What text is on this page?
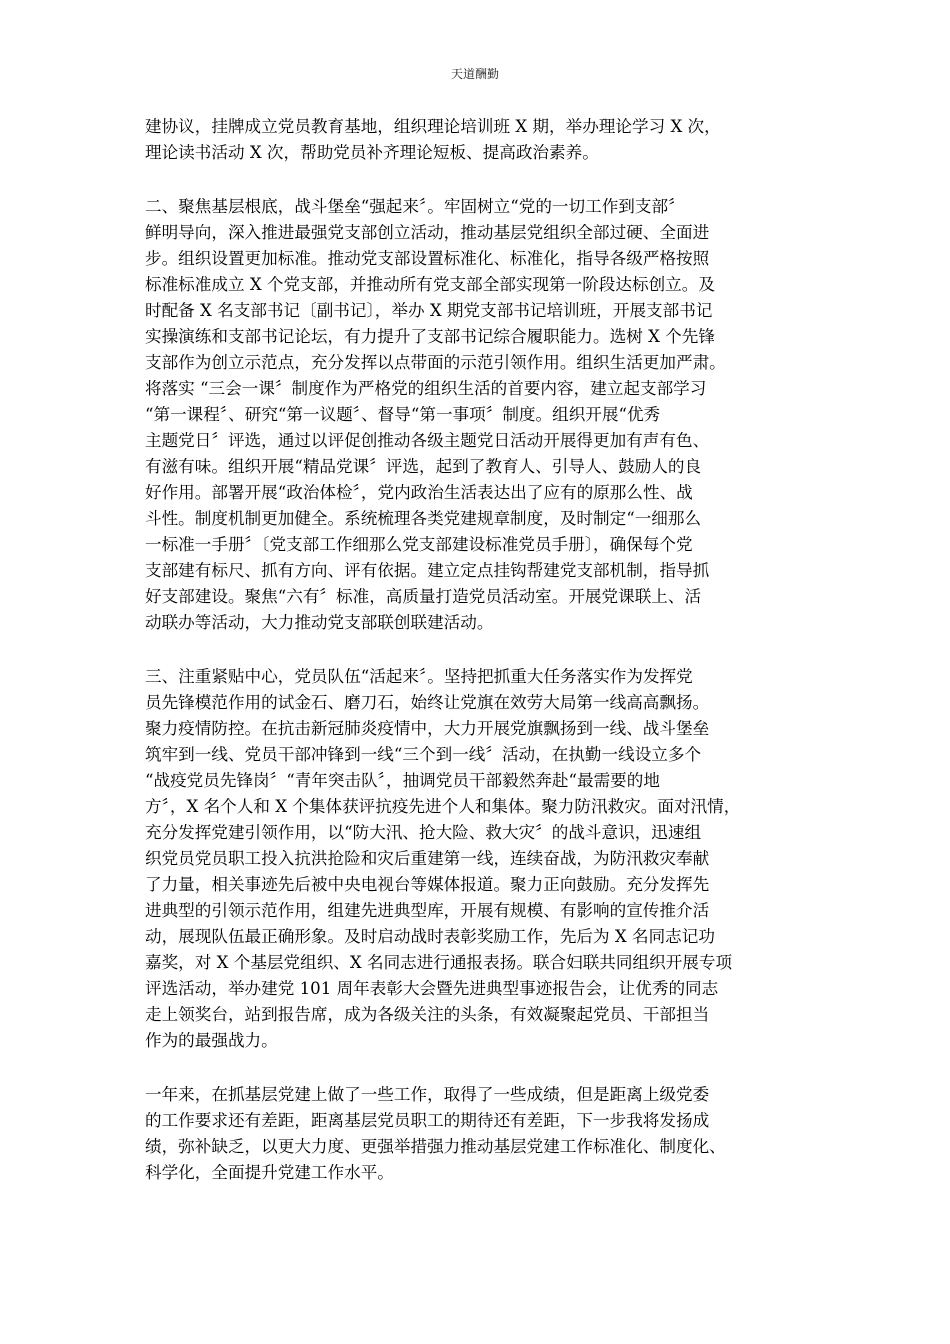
天道酬勤
建协议，挂牌成立党员教育基地，组织理论培训班 X 期，举办理论学习 X 次，
理论读书活动 X 次，帮助党员补齐理论短板、提高政治素养。
二、聚焦基层根底，战斗堡垒“强起来〞。牢固树立“党的一切工作到支部〞
鲜明导向，深入推进最强党支部创立活动，推动基层党组织全部过硬、全面进
步。组织设置更加标准。推动党支部设置标准化、标准化，指导各级严格按照
标准标准成立 X 个党支部，并推动所有党支部全部实现第一阶段达标创立。及
时配备 X 名支部书记〔副书记〕，举办 X 期党支部书记培训班，开展支部书记
实操演练和支部书记论坛，有力提升了支部书记综合履职能力。选树 X 个先锋
支部作为创立示范点，充分发挥以点带面的示范引领作用。组织生活更加严肃。
将落实 “三会一课〞制度作为严格党的组织生活的首要内容，建立起支部学习
“第一课程〞、研究“第一议题〞、督导“第一事项〞制度。组织开展“优秀
主题党日〞评选，通过以评促创推动各级主题党日活动开展得更加有声有色、
有滋有味。组织开展“精品党课〞评选，起到了教育人、引导人、鼓励人的良
好作用。部署开展“政治体检〞，党内政治生活表达出了应有的原那么性、战
斗性。制度机制更加健全。系统梳理各类党建规章制度，及时制定“一细那么
一标准一手册〞〔党支部工作细那么党支部建设标准党员手册〕，确保每个党
支部建有标尺、抓有方向、评有依据。建立定点挂钩帮建党支部机制，指导抓
好支部建设。聚焦“六有〞标准，高质量打造党员活动室。开展党课联上、活
动联办等活动，大力推动党支部联创联建活动。
三、注重紧贴中心，党员队伍“活起来〞。坚持把抓重大任务落实作为发挥党
员先锋模范作用的试金石、磨刀石，始终让党旗在效劳大局第一线高高飘扬。
聚力疫情防控。在抗击新冠肺炎疫情中，大力开展党旗飘扬到一线、战斗堡垒
筑牢到一线、党员干部冲锋到一线“三个到一线〞活动，在执勤一线设立多个
“战疫党员先锋岗〞“青年突击队〞，抽调党员干部毅然奔赴“最需要的地
方〞，X 名个人和 X 个集体获评抗疫先进个人和集体。聚力防汛救灾。面对汛情，
充分发挥党建引领作用，以“防大汛、抢大险、救大灾〞的战斗意识，迅速组
织党员党员职工投入抗洪抢险和灾后重建第一线，连续奋战，为防汛救灾奉献
了力量，相关事迹先后被中央电视台等媒体报道。聚力正向鼓励。充分发挥先
进典型的引领示范作用，组建先进典型库，开展有规模、有影响的宣传推介活
动，展现队伍最正确形象。及时启动战时表彰奖励工作，先后为 X 名同志记功
嘉奖，对 X 个基层党组织、X 名同志进行通报表扬。联合妇联共同组织开展专项
评选活动，举办建党 101 周年表彰大会暨先进典型事迹报告会，让优秀的同志
走上领奖台，站到报告席，成为各级关注的头条，有效凝聚起党员、干部担当
作为的最强战力。
一年来，在抓基层党建上做了一些工作，取得了一些成绩，但是距离上级党委
的工作要求还有差距，距离基层党员职工的期待还有差距，下一步我将发扬成
绩，弥补缺乏，以更大力度、更强举措强力推动基层党建工作标准化、制度化、
科学化，全面提升党建工作水平。
